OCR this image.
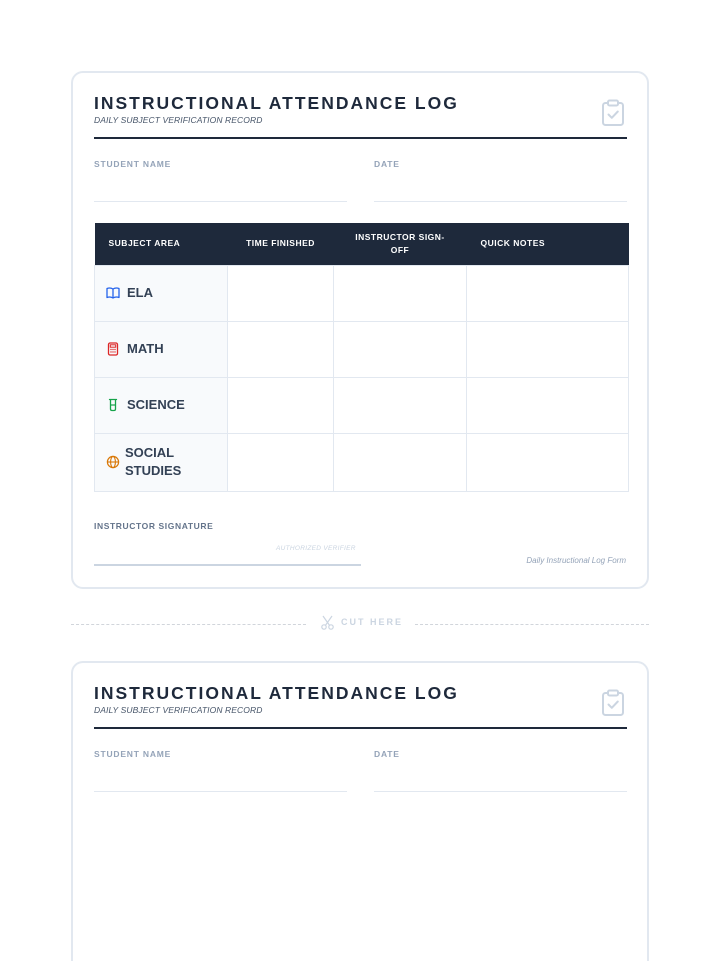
INSTRUCTIONAL ATTENDANCE LOG
DAILY SUBJECT VERIFICATION RECORD
STUDENT NAME	DATE
SUBJECT AREA	TIME FINISHED	INSTRUCTOR SIGN-OFF	QUICK NOTES

ELA			

MATH			

SCIENCE			

SOCIAL STUDIES			

INSTRUCTOR SIGNATURE
AUTHORIZED VERIFIER
Daily Instructional Log Form
CUT HERE
INSTRUCTIONAL ATTENDANCE LOG
DAILY SUBJECT VERIFICATION RECORD
STUDENT NAME	DATE
